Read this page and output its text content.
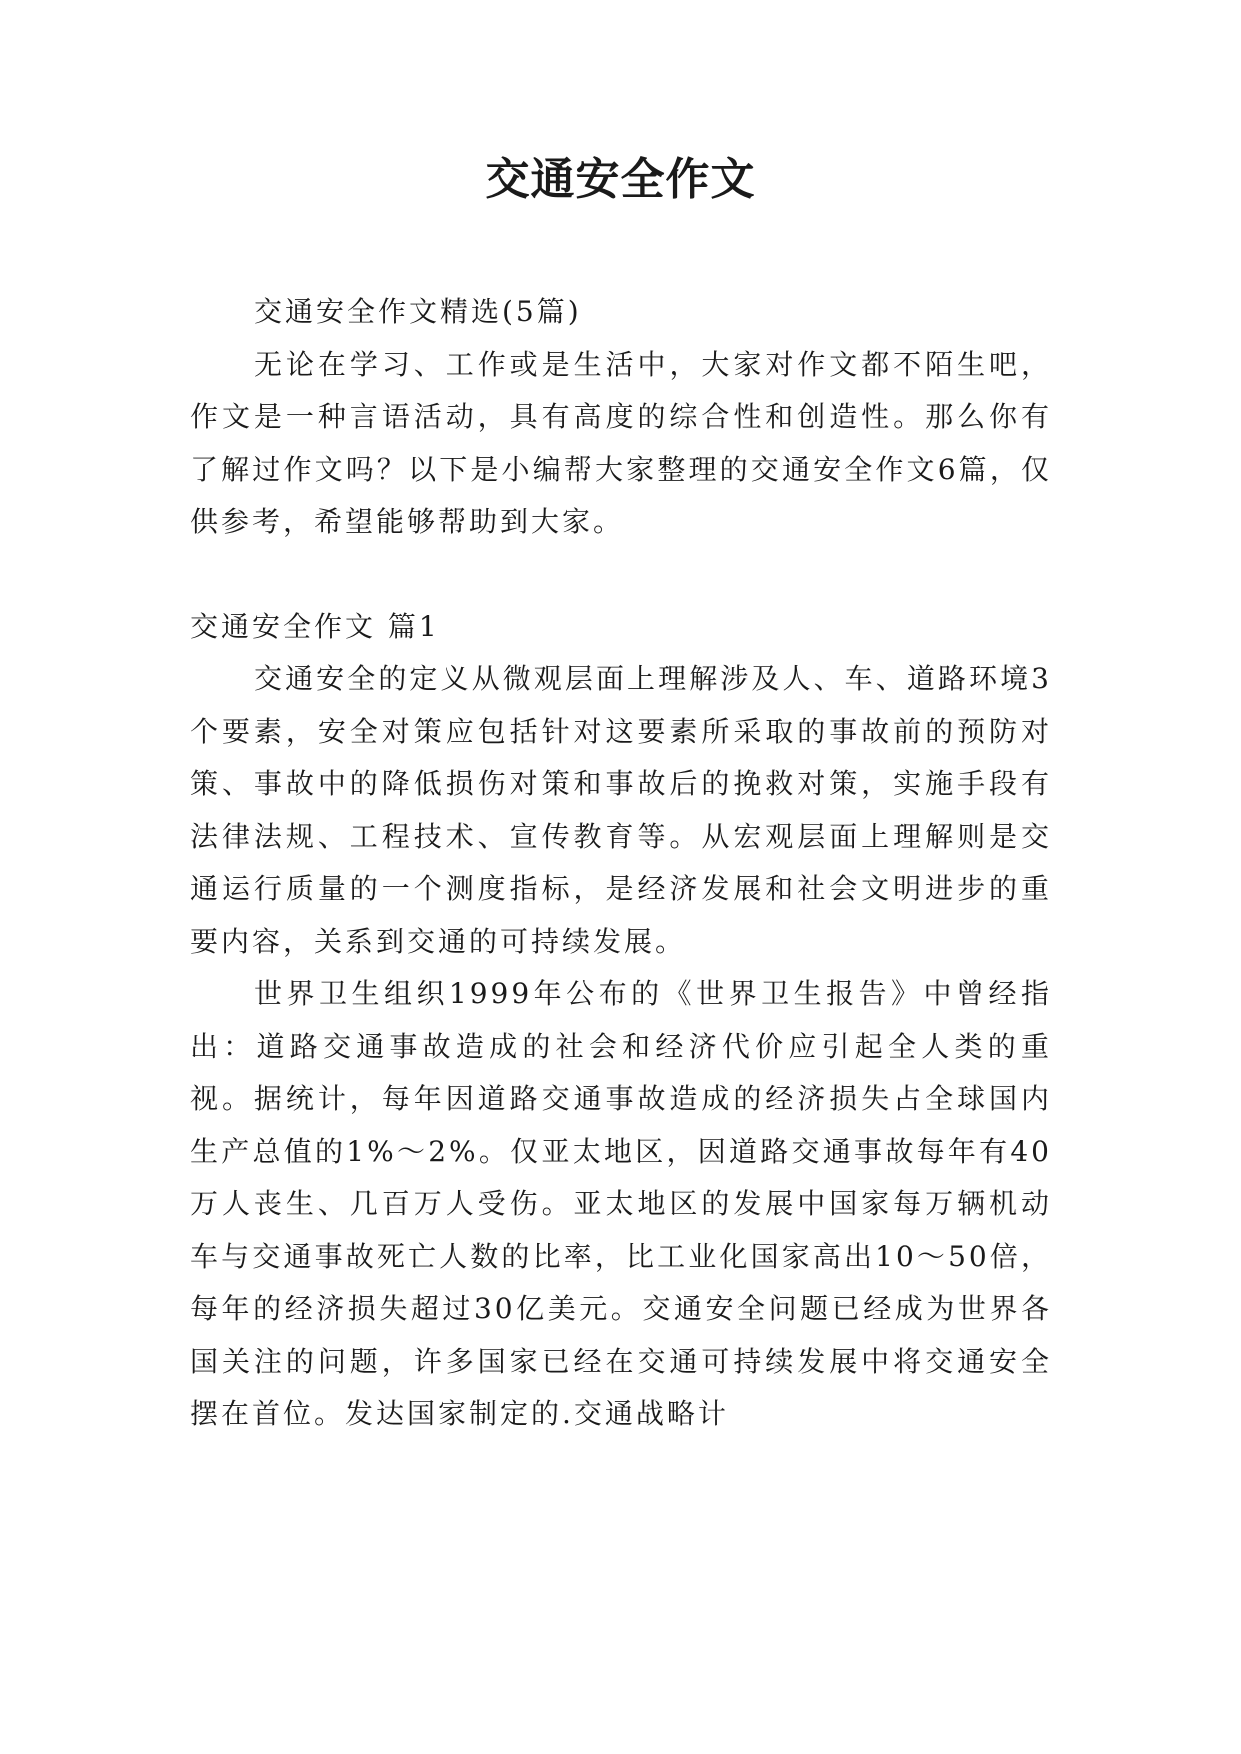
交通安全作文

交通安全作文精选(5篇)

无论在学习、工作或是生活中，大家对作文都不陌生吧，作文是一种言语活动，具有高度的综合性和创造性。那么你有了解过作文吗？以下是小编帮大家整理的交通安全作文6篇，仅供参考，希望能够帮助到大家。

交通安全作文 篇1

交通安全的定义从微观层面上理解涉及人、车、道路环境3个要素，安全对策应包括针对这要素所采取的事故前的预防对策、事故中的降低损伤对策和事故后的挽救对策，实施手段有法律法规、工程技术、宣传教育等。从宏观层面上理解则是交通运行质量的一个测度指标，是经济发展和社会文明进步的重要内容，关系到交通的可持续发展。

世界卫生组织1999年公布的《世界卫生报告》中曾经指出：道路交通事故造成的社会和经济代价应引起全人类的重视。据统计，每年因道路交通事故造成的经济损失占全球国内生产总值的1%～2%。仅亚太地区，因道路交通事故每年有40万人丧生、几百万人受伤。亚太地区的发展中国家每万辆机动车与交通事故死亡人数的比率，比工业化国家高出10～50倍，每年的经济损失超过30亿美元。交通安全问题已经成为世界各国关注的问题，许多国家已经在交通可持续发展中将交通安全摆在首位。发达国家制定的.交通战略计
